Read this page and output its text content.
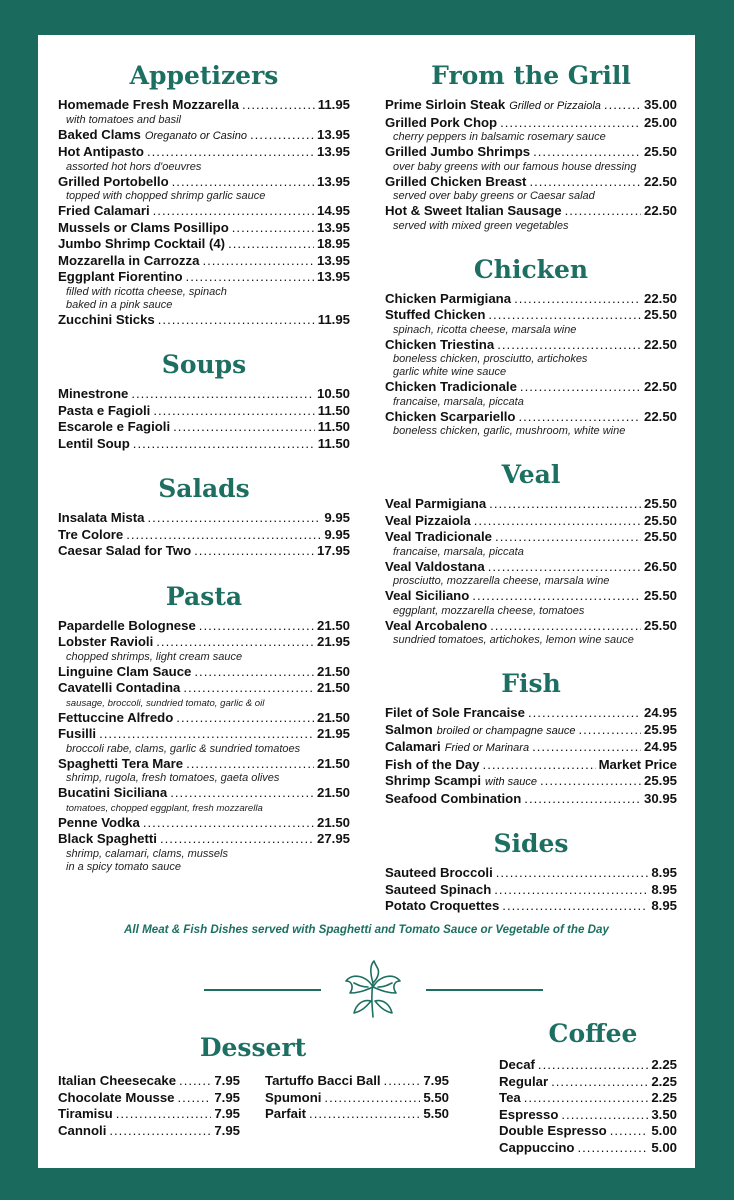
Appetizers
Homemade Fresh Mozzarella .....	11.95
with tomatoes and basil
Baked Clams Oreganato or Casino .....	13.95
Hot Antipasto .....	13.95
assorted hot hors d'oeuvres
Grilled Portobello .....	13.95
topped with chopped shrimp garlic sauce
Fried Calamari .....	14.95
Mussels or Clams Posillipo .....	13.95
Jumbo Shrimp Cocktail (4) .....	18.95
Mozzarella in Carrozza .....	13.95
Eggplant Fiorentino .....	13.95
filled with ricotta cheese, spinach
baked in a pink sauce
Zucchini Sticks .....	11.95
Soups
Minestrone .....	10.50
Pasta e Fagioli .....	11.50
Escarole e Fagioli .....	11.50
Lentil Soup .....	11.50
Salads
Insalata Mista .....	9.95
Tre Colore .....	9.95
Caesar Salad for Two .....	17.95
Pasta
Papardelle Bolognese .....	21.50
Lobster Ravioli .....	21.95
chopped shrimps, light cream sauce
Linguine Clam Sauce .....	21.50
Cavatelli Contadina .....	21.50
sausage, broccoli, sundried tomato, garlic & oil
Fettuccine Alfredo .....	21.50
Fusilli .....	21.95
broccoli rabe, clams, garlic & sundried tomatoes
Spaghetti Tera Mare .....	21.50
shrimp, rugola, fresh tomatoes, gaeta olives
Bucatini Siciliana .....	21.50
tomatoes, chopped eggplant, fresh mozzarella
Penne Vodka .....	21.50
Black Spaghetti .....	27.95
shrimp, calamari, clams, mussels
in a spicy tomato sauce
From the Grill
Prime Sirloin Steak Grilled or Pizzaiola .....	35.00
Grilled Pork Chop .....	25.00
cherry peppers in balsamic rosemary sauce
Grilled Jumbo Shrimps .....	25.50
over baby greens with our famous house dressing
Grilled Chicken Breast .....	22.50
served over baby greens or Caesar salad
Hot & Sweet Italian Sausage .....	22.50
served with mixed green vegetables
Chicken
Chicken Parmigiana .....	22.50
Stuffed Chicken .....	25.50
spinach, ricotta cheese, marsala wine
Chicken Triestina .....	22.50
boneless chicken, prosciutto, artichokes
garlic white wine sauce
Chicken Tradicionale .....	22.50
francaise, marsala, piccata
Chicken Scarpariello .....	22.50
boneless chicken, garlic, mushroom, white wine
Veal
Veal Parmigiana .....	25.50
Veal Pizzaiola .....	25.50
Veal Tradicionale .....	25.50
francaise, marsala, piccata
Veal Valdostana .....	26.50
prosciutto, mozzarella cheese, marsala wine
Veal Siciliano .....	25.50
eggplant, mozzarella cheese, tomatoes
Veal Arcobaleno .....	25.50
sundried tomatoes, artichokes, lemon wine sauce
Fish
Filet of Sole Francaise .....	24.95
Salmon broiled or champagne sauce .....	25.95
Calamari Fried or Marinara .....	24.95
Fish of the Day .....	Market Price
Shrimp Scampi with sauce .....	25.95
Seafood Combination .....	30.95
Sides
Sauteed Broccoli .....	8.95
Sauteed Spinach .....	8.95
Potato Croquettes .....	8.95
All Meat & Fish Dishes served with Spaghetti and Tomato Sauce or Vegetable of the Day
Dessert
Italian Cheesecake .....	7.95
Chocolate Mousse .....	7.95
Tiramisu .....	7.95
Cannoli .....	7.95
Tartuffo Bacci Ball .....	7.95
Spumoni .....	5.50
Parfait .....	5.50
Coffee
Decaf .....	2.25
Regular .....	2.25
Tea .....	2.25
Espresso .....	3.50
Double Espresso .....	5.00
Cappuccino .....	5.00
